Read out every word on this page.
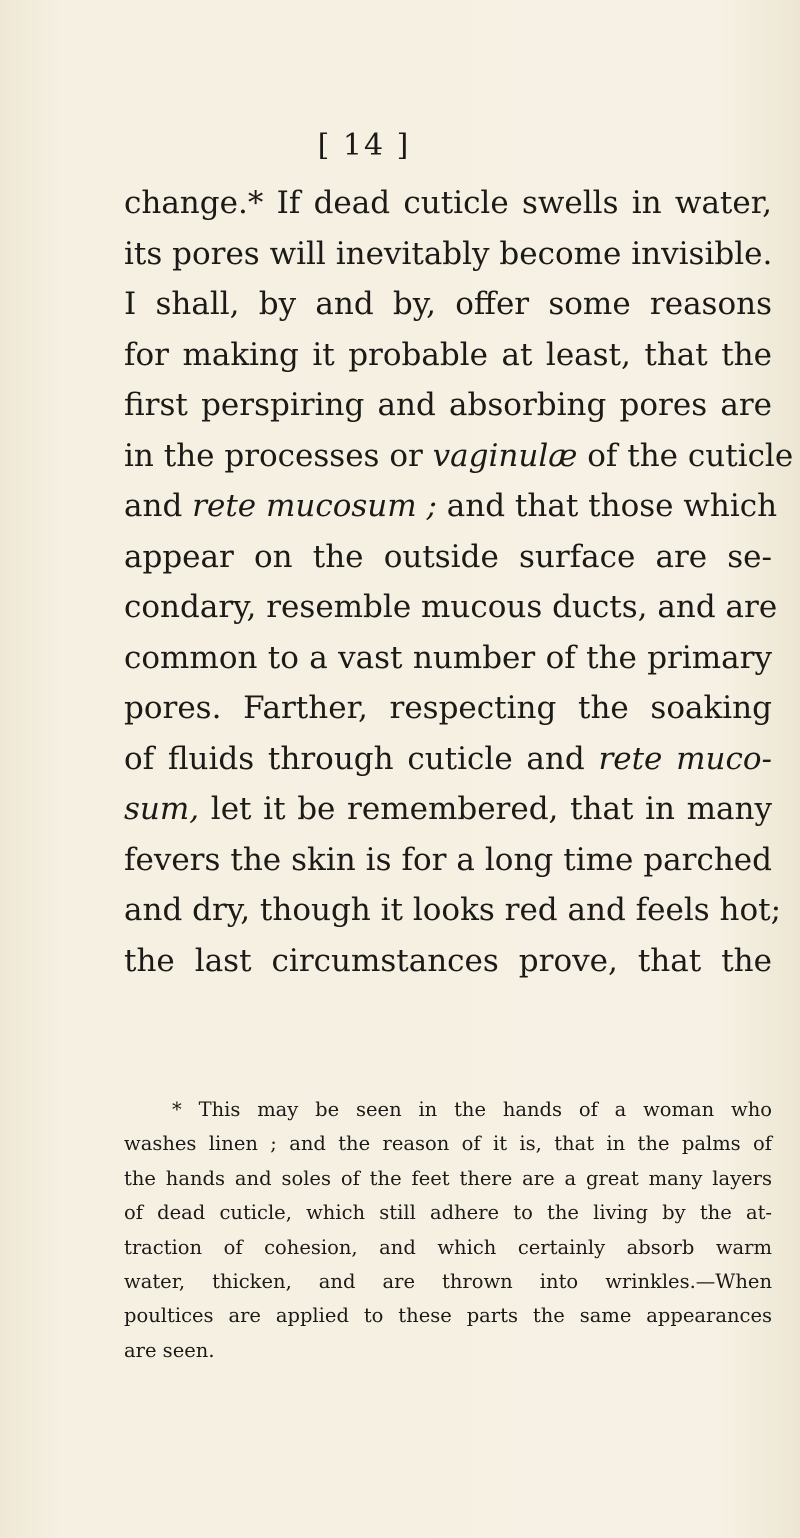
[ 14 ]
change.* If dead cuticle swells in water,
its pores will inevitably become invisible.
I shall, by and by, offer some reasons
for making it probable at least, that the
first perspiring and absorbing pores are
in the processes or vaginulæ of the cuticle
and rete mucosum ; and that those which
appear on the outside surface are se-
condary, resemble mucous ducts, and are
common to a vast number of the primary
pores. Farther, respecting the soaking
of fluids through cuticle and rete muco-
sum, let it be remembered, that in many
fevers the skin is for a long time parched
and dry, though it looks red and feels hot;
the last circumstances prove, that the
* This may be seen in the hands of a woman who
washes linen ; and the reason of it is, that in the palms of
the hands and soles of the feet there are a great many layers
of dead cuticle, which still adhere to the living by the at-
traction of cohesion, and which certainly absorb warm
water, thicken, and are thrown into wrinkles.—When
poultices are applied to these parts the same appearances
are seen.
